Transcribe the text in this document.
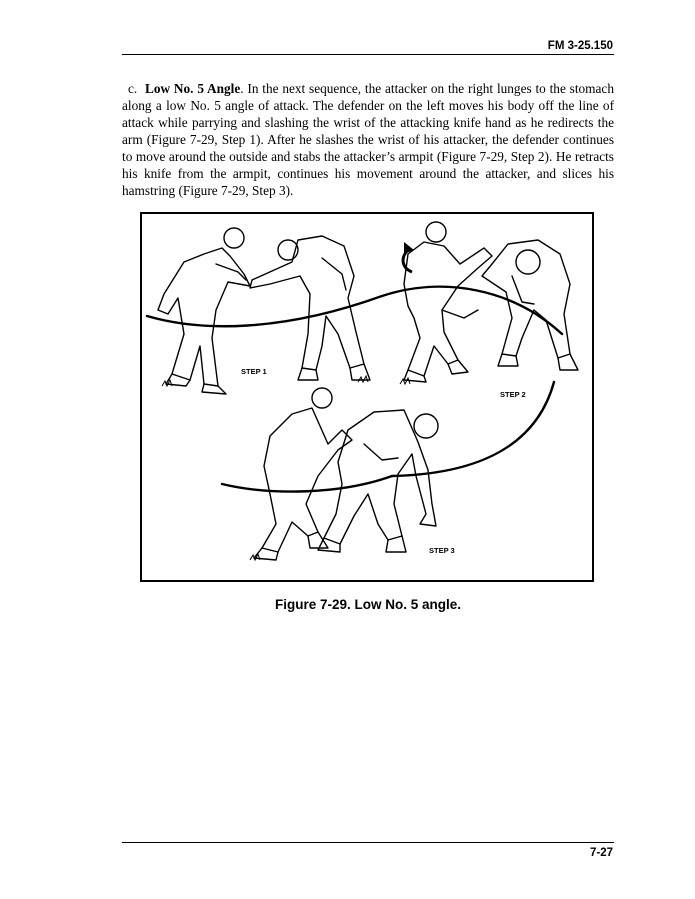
FM 3-25.150

c. Low No. 5 Angle. In the next sequence, the attacker on the right lunges to the stomach along a low No. 5 angle of attack. The defender on the left moves his body off the line of attack while parrying and slashing the wrist of the attacking knife hand as he redirects the arm (Figure 7-29, Step 1). After he slashes the wrist of his attacker, the defender continues to move around the outside and stabs the attacker’s armpit (Figure 7-29, Step 2). He retracts his knife from the armpit, continues his movement around the attacker, and slices his hamstring (Figure 7-29, Step 3).

STEP 1
STEP 2
STEP 3
Figure 7-29. Low No. 5 angle.
7-27
